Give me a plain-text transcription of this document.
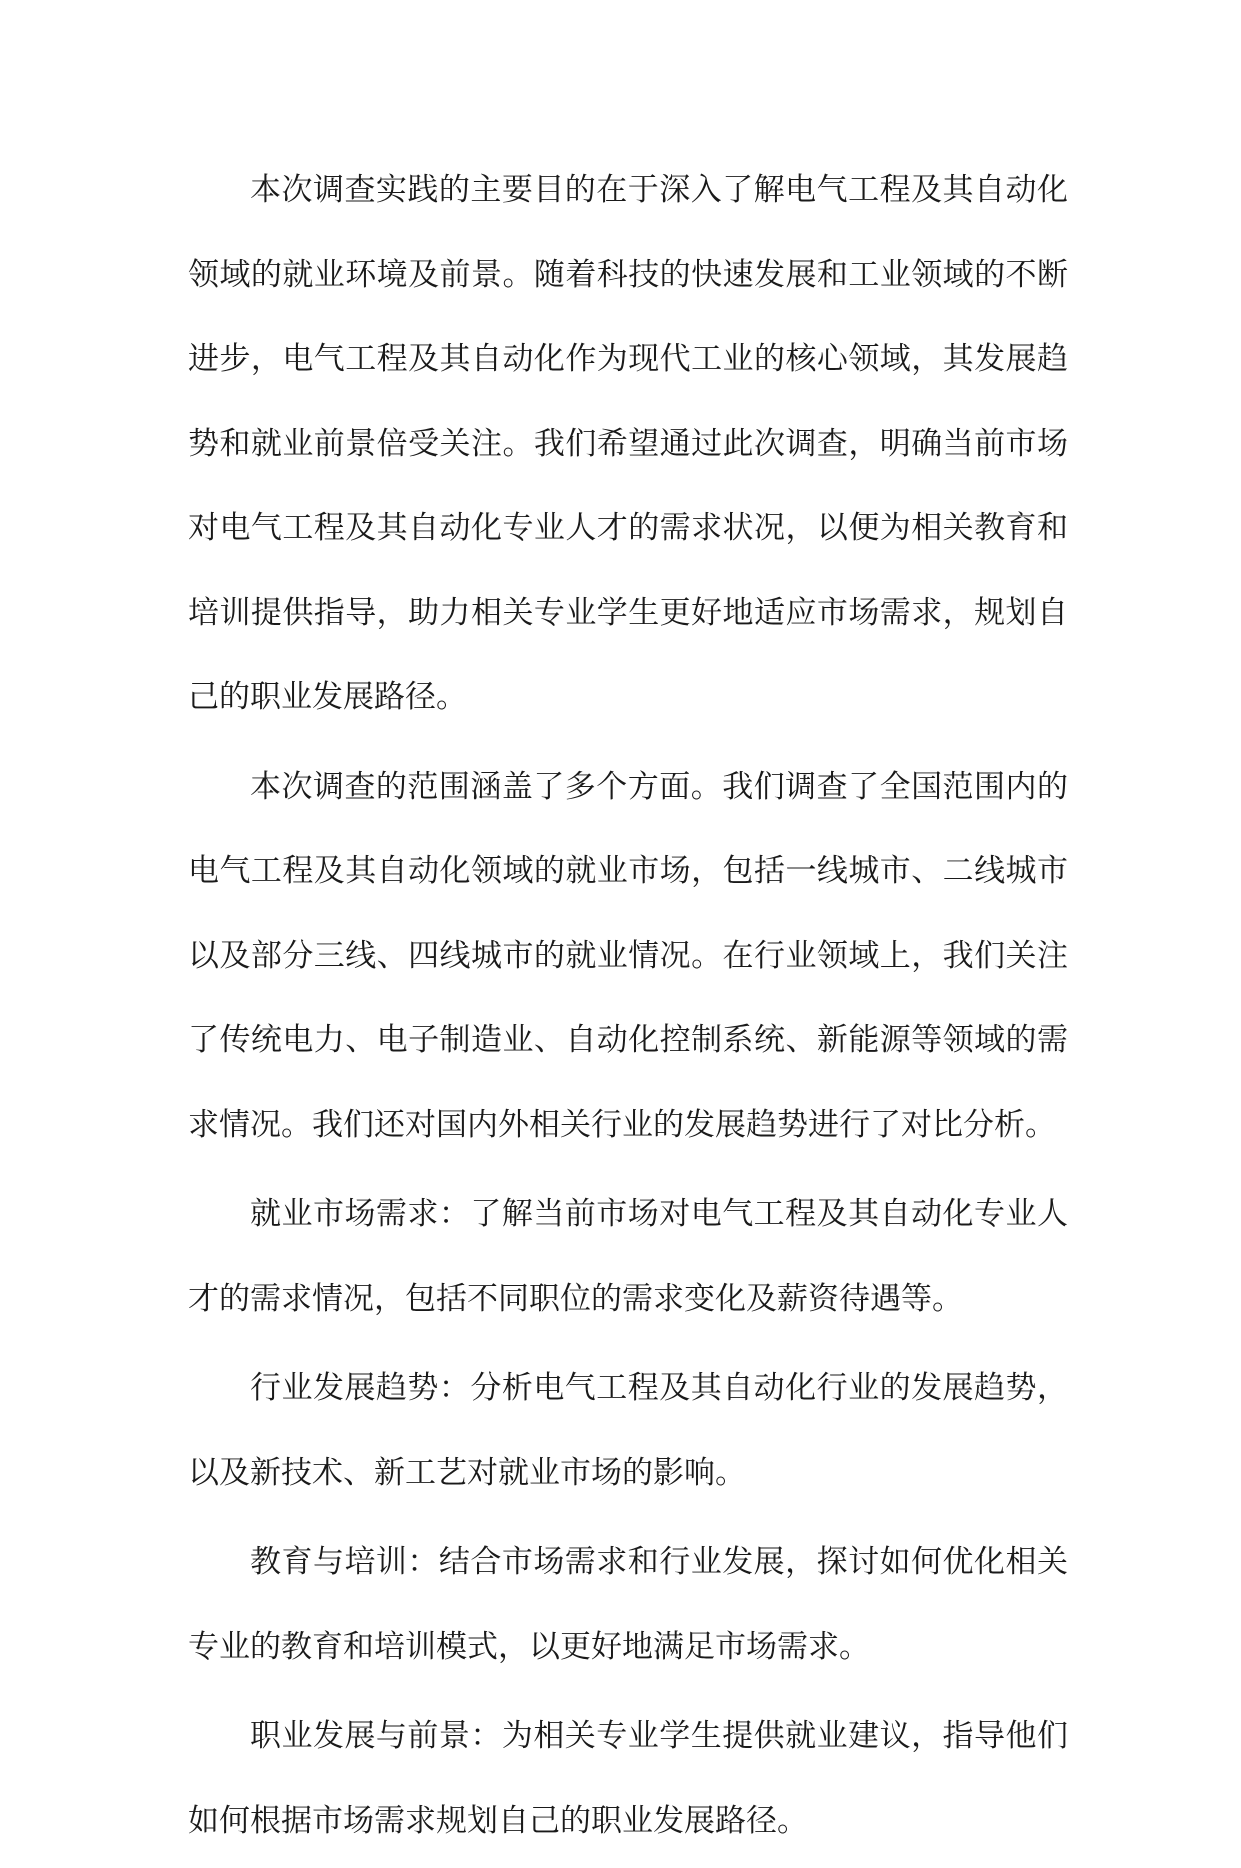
本次调查实践的主要目的在于深入了解电气工程及其自动化领域的就业环境及前景。随着科技的快速发展和工业领域的不断进步，电气工程及其自动化作为现代工业的核心领域，其发展趋势和就业前景倍受关注。我们希望通过此次调查，明确当前市场对电气工程及其自动化专业人才的需求状况，以便为相关教育和培训提供指导，助力相关专业学生更好地适应市场需求，规划自己的职业发展路径。

本次调查的范围涵盖了多个方面。我们调查了全国范围内的电气工程及其自动化领域的就业市场，包括一线城市、二线城市以及部分三线、四线城市的就业情况。在行业领域上，我们关注了传统电力、电子制造业、自动化控制系统、新能源等领域的需求情况。我们还对国内外相关行业的发展趋势进行了对比分析。

就业市场需求：了解当前市场对电气工程及其自动化专业人才的需求情况，包括不同职位的需求变化及薪资待遇等。

行业发展趋势：分析电气工程及其自动化行业的发展趋势，以及新技术、新工艺对就业市场的影响。

教育与培训：结合市场需求和行业发展，探讨如何优化相关专业的教育和培训模式，以更好地满足市场需求。

职业发展与前景：为相关专业学生提供就业建议，指导他们如何根据市场需求规划自己的职业发展路径。
